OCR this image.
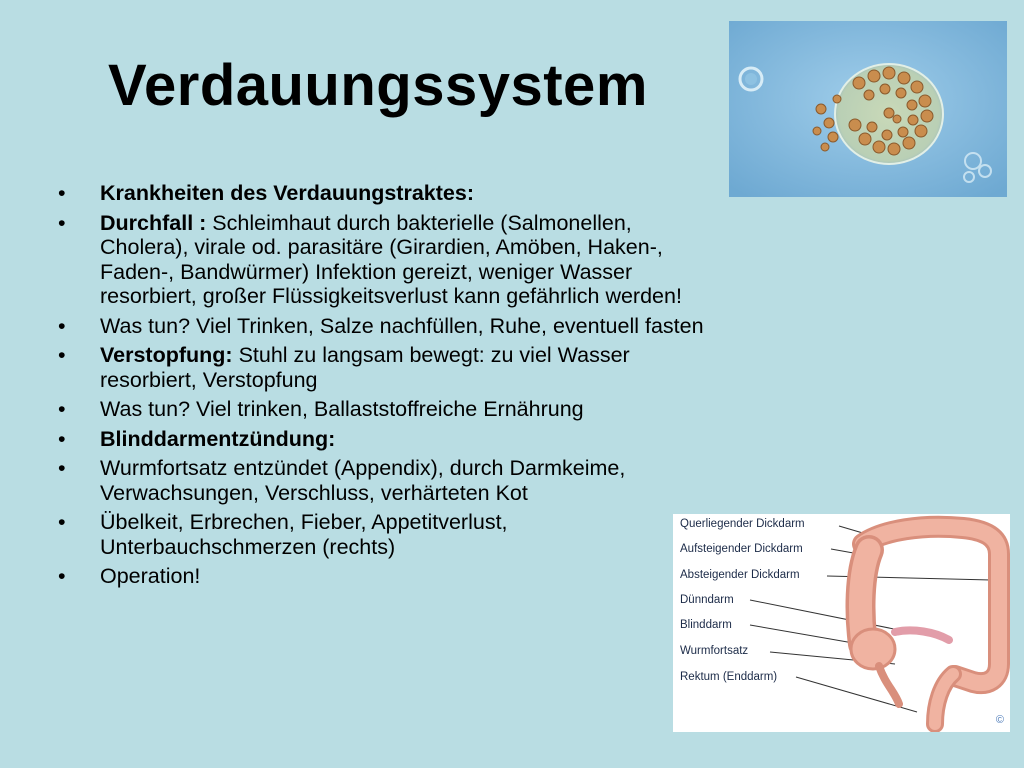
Verdauungssystem
•	Krankheiten des Verdauungstraktes:
•	Durchfall : Schleimhaut durch bakterielle (Salmonellen, Cholera), virale od. parasitäre (Girardien, Amöben, Haken-, Faden-, Bandwürmer) Infektion gereizt, weniger Wasser resorbiert, großer Flüssigkeitsverlust kann gefährlich werden!
•	Was tun? Viel Trinken, Salze nachfüllen, Ruhe, eventuell fasten
•	Verstopfung: Stuhl zu langsam bewegt: zu viel Wasser resorbiert, Verstopfung
•	Was tun? Viel trinken, Ballaststoffreiche Ernährung
•	Blinddarmentzündung:
•	Wurmfortsatz entzündet (Appendix), durch Darmkeime, Verwachsungen, Verschluss, verhärteten Kot
•	Übelkeit, Erbrechen, Fieber, Appetitverlust, Unterbauchschmerzen (rechts)
•	Operation!
Querliegender Dickdarm
Aufsteigender Dickdarm
Absteigender Dickdarm
Dünndarm
Blinddarm
Wurmfortsatz
Rektum (Enddarm)
©
